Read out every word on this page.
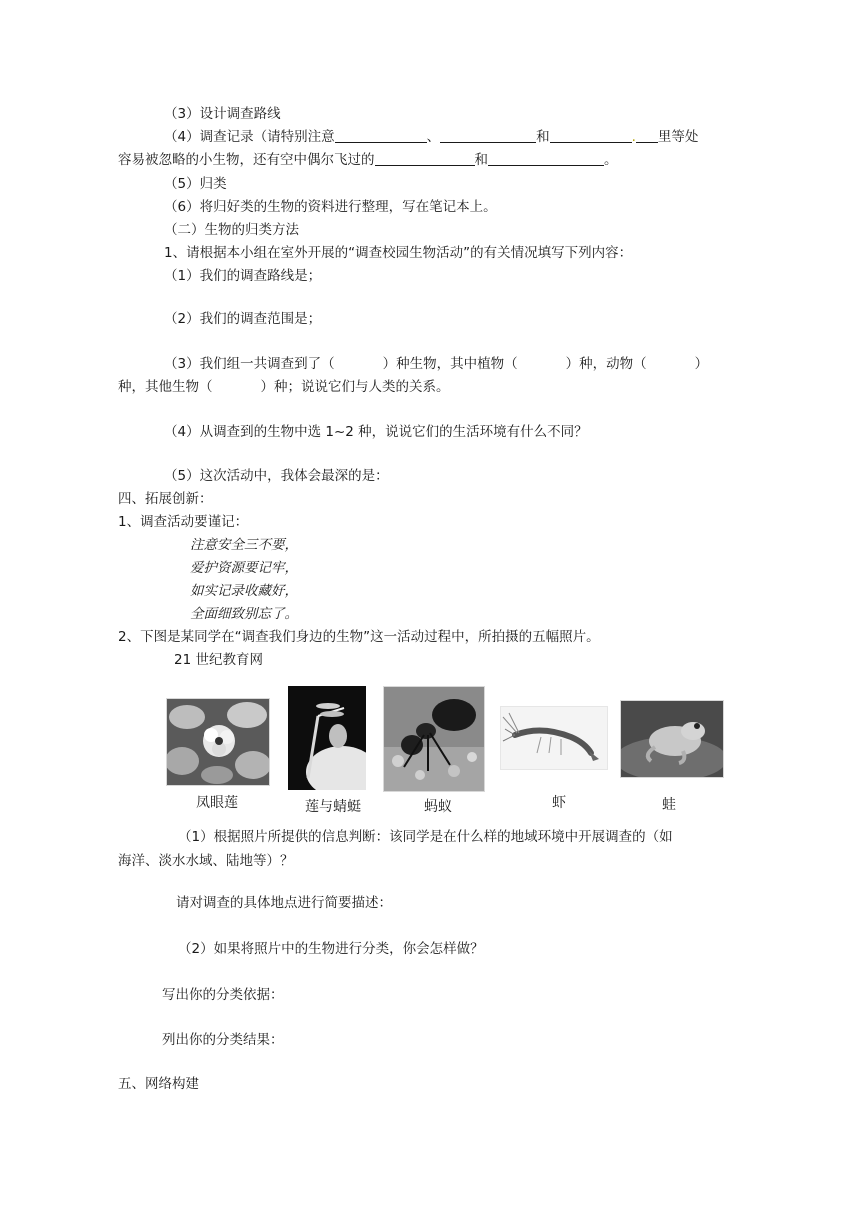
（3）设计调查路线
（4）调查记录（请特别注意	、	和	. 里等处
容易被忽略的小生物，还有空中偶尔飞过的	和	。
（5）归类
（6）将归好类的生物的资料进行整理，写在笔记本上。
（二）生物的归类方法
1、请根据本小组在室外开展的“调查校园生物活动”的有关情况填写下列内容：
（1）我们的调查路线是；
（2）我们的调查范围是；
（3）我们组一共调查到了（	）种生物，其中植物（	）种，动物（	）
种，其他生物（	）种；说说它们与人类的关系。
（4）从调查到的生物中选 1~2 种，说说它们的生活环境有什么不同？
（5）这次活动中，我体会最深的是：
四、拓展创新：
1、调查活动要谨记：
注意安全三不要，
爱护资源要记牢，
如实记录收藏好，
全面细致别忘了。
2、下图是某同学在“调查我们身边的生物”这一活动过程中，所拍摄的五幅照片。
21 世纪教育网
凤眼莲	莲与蜻蜓	蚂蚁	虾	蛙
（1）根据照片所提供的信息判断：该同学是在什么样的地域环境中开展调查的（如
海洋、淡水水域、陆地等）？
请对调查的具体地点进行简要描述：
（2）如果将照片中的生物进行分类，你会怎样做？
写出你的分类依据：
列出你的分类结果：
五、网络构建
